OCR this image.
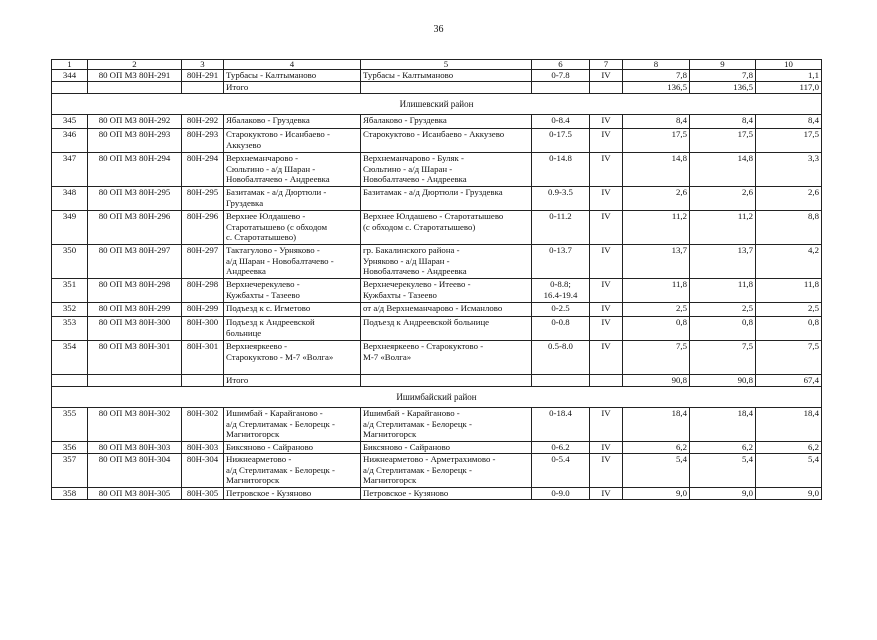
36
1	2	3	4	5	6	7	8	9	10
344	80 ОП МЗ 80Н-291	80Н-291	Турбасы - Калтыманово	Турбасы - Калтыманово	0-7.8	IV	7,8	7,8	1,1
			Итого				136,5	136,5	117,0
Илишевский район									
345	80 ОП МЗ 80Н-292	80Н-292	Ябалаково - Груздевка	Ябалаково - Груздевка	0-8.4	IV	8,4	8,4	8,4
346	80 ОП МЗ 80Н-293	80Н-293	Старокуктово - Исанбаево -
Аккузево	Старокуктово - Исанбаево - Аккузево	0-17.5	IV	17,5	17,5	17,5
347	80 ОП МЗ 80Н-294	80Н-294	Верхнеманчарово -
Сюльтино - а/д Шаран -
Новобалтачево - Андреевка	Верхнеманчарово - Буляк -
Сюльтино - а/д Шаран -
Новобалтачево - Андреевка	0-14.8	IV	14,8	14,8	3,3
348	80 ОП МЗ 80Н-295	80Н-295	Базитамак - а/д Дюртюли -
Груздевка	Базитамак - а/д Дюртюли - Груздевка	0.9-3.5	IV	2,6	2,6	2,6
349	80 ОП МЗ 80Н-296	80Н-296	Верхнее Юлдашево -
Старотатышево (с обходом
с. Старотатышево)	Верхнее Юлдашево - Старотатышево
(с обходом с. Старотатышево)	0-11.2	IV	11,2	11,2	8,8
350	80 ОП МЗ 80Н-297	80Н-297	Тактагулово - Урняково -
а/д Шаран - Новобалтачево -
Андреевка	гр. Бакалинского района -
Урняково - а/д Шаран -
Новобалтачево - Андреевка	0-13.7	IV	13,7	13,7	4,2
351	80 ОП МЗ 80Н-298	80Н-298	Верхнечерекулево -
Кужбахты - Тазеево	Верхнечерекулево - Итеево -
Кужбахты - Тазеево	0-8.8;
16.4-19.4	IV	11,8	11,8	11,8
352	80 ОП МЗ 80Н-299	80Н-299	Подъезд к с. Игметово	от а/д Верхнеманчарово - Исманлово	0-2.5	IV	2,5	2,5	2,5
353	80 ОП МЗ 80Н-300	80Н-300	Подъезд к Андреевской
больнице	Подъезд к Андреевской больнице	0-0.8	IV	0,8	0,8	0,8
354	80 ОП МЗ 80Н-301	80Н-301	Верхнеяркеево -
Старокуктово - М-7 «Волга»	Верхнеяркеево - Старокуктово -
М-7 «Волга»	0.5-8.0	IV	7,5	7,5	7,5
			Итого				90,8	90,8	67,4
Ишимбайский район									
355	80 ОП МЗ 80Н-302	80Н-302	Ишимбай - Карайганово -
а/д Стерлитамак - Белорецк -
Магнитогорск	Ишимбай - Карайганово -
а/д Стерлитамак - Белорецк -
Магнитогорск	0-18.4	IV	18,4	18,4	18,4
356	80 ОП МЗ 80Н-303	80Н-303	Биксяново - Сайраново	Биксяново - Сайраново	0-6.2	IV	6,2	6,2	6,2
357	80 ОП МЗ 80Н-304	80Н-304	Нижнеарметово -
а/д Стерлитамак - Белорецк -
Магнитогорск	Нижнеарметово - Арметрахимово -
а/д Стерлитамак - Белорецк -
Магнитогорск	0-5.4	IV	5,4	5,4	5,4
358	80 ОП МЗ 80Н-305	80Н-305	Петровское - Кузяново	Петровское - Кузяново	0-9.0	IV	9,0	9,0	9,0
